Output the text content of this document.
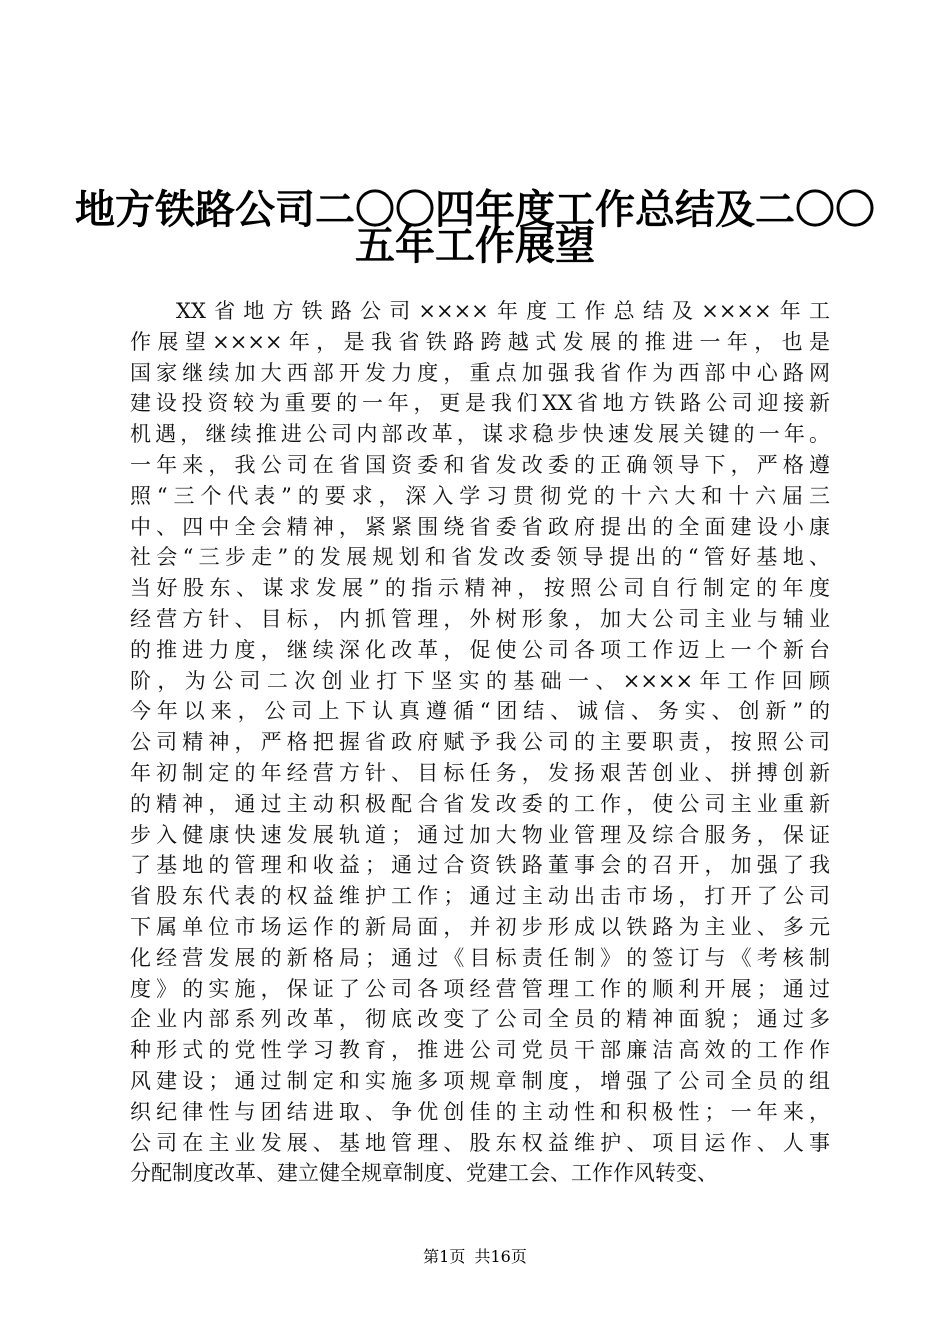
地方铁路公司二〇〇四年度工作总结及二〇〇
五年工作展望
XX省地方铁路公司××××年度工作总结及××××年工
作展望××××年，是我省铁路跨越式发展的推进一年，也是
国家继续加大西部开发力度，重点加强我省作为西部中心路网
建设投资较为重要的一年，更是我们XX省地方铁路公司迎接新
机遇，继续推进公司内部改革，谋求稳步快速发展关键的一年。
一年来，我公司在省国资委和省发改委的正确领导下，严格遵
照“三个代表”的要求，深入学习贯彻党的十六大和十六届三
中、四中全会精神，紧紧围绕省委省政府提出的全面建设小康
社会“三步走”的发展规划和省发改委领导提出的“管好基地、
当好股东、谋求发展”的指示精神，按照公司自行制定的年度
经营方针、目标，内抓管理，外树形象，加大公司主业与辅业
的推进力度，继续深化改革，促使公司各项工作迈上一个新台
阶，为公司二次创业打下坚实的基础一、××××年工作回顾
今年以来，公司上下认真遵循“团结、诚信、务实、创新”的
公司精神，严格把握省政府赋予我公司的主要职责，按照公司
年初制定的年经营方针、目标任务，发扬艰苦创业、拼搏创新
的精神，通过主动积极配合省发改委的工作，使公司主业重新
步入健康快速发展轨道；通过加大物业管理及综合服务，保证
了基地的管理和收益；通过合资铁路董事会的召开，加强了我
省股东代表的权益维护工作；通过主动出击市场，打开了公司
下属单位市场运作的新局面，并初步形成以铁路为主业、多元
化经营发展的新格局；通过《目标责任制》的签订与《考核制
度》的实施，保证了公司各项经营管理工作的顺利开展；通过
企业内部系列改革，彻底改变了公司全员的精神面貌；通过多
种形式的党性学习教育，推进公司党员干部廉洁高效的工作作
风建设；通过制定和实施多项规章制度，增强了公司全员的组
织纪律性与团结进取、争优创佳的主动性和积极性；一年来，
公司在主业发展、基地管理、股东权益维护、项目运作、人事
分配制度改革、建立健全规章制度、党建工会、工作作风转变、
第1页 共16页
